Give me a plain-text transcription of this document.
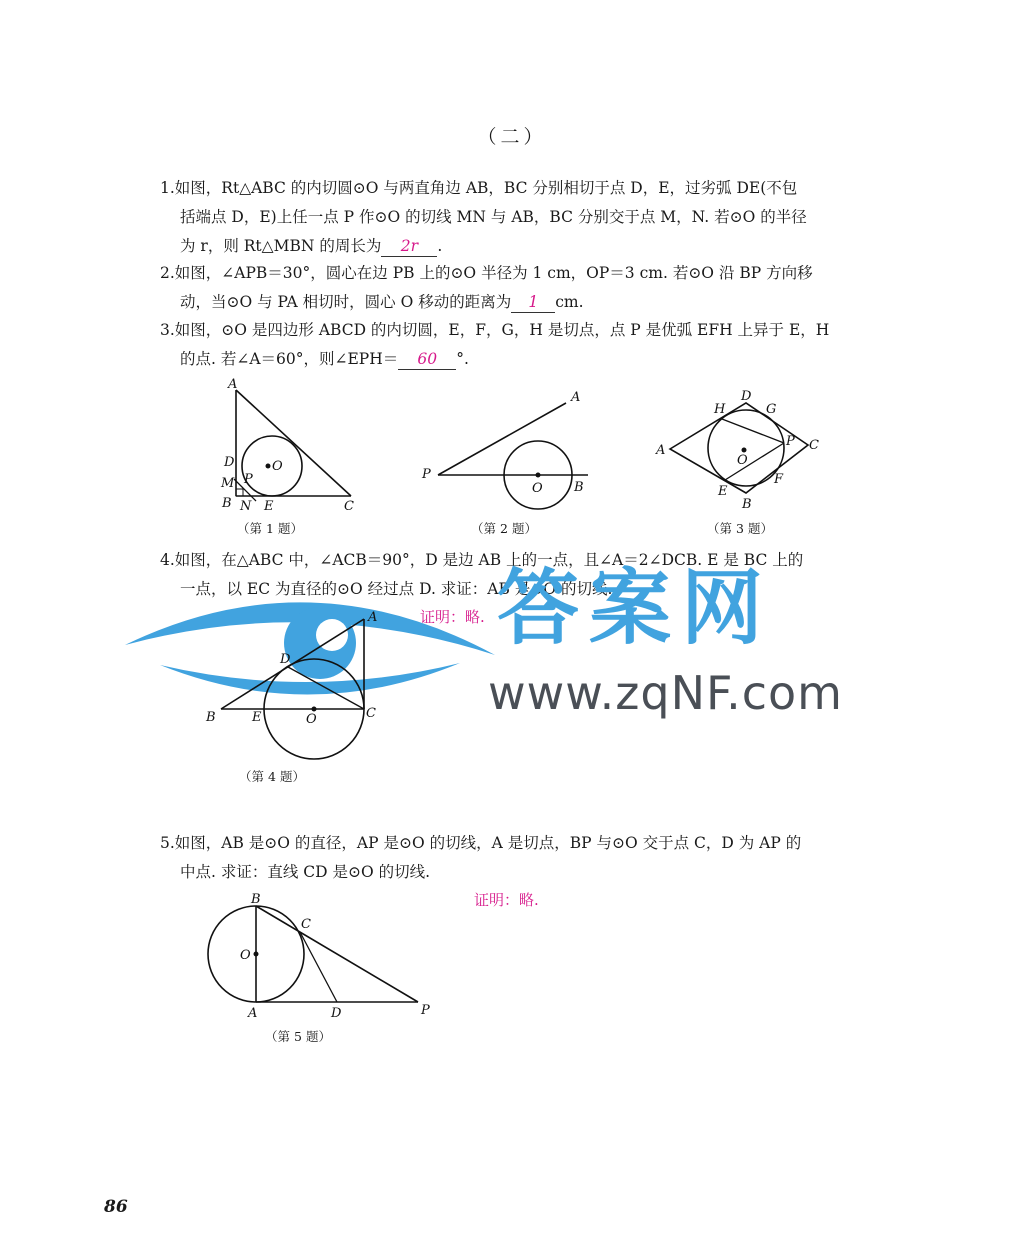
（二）
1.如图，Rt△ABC 的内切圆⊙O 与两直角边 AB，BC 分别相切于点 D，E，过劣弧 DE(不包
括端点 D，E)上任一点 P 作⊙O 的切线 MN 与 AB，BC 分别交于点 M，N. 若⊙O 的半径
为 r，则 Rt△MBN 的周长为 2r .
2.如图，∠APB＝30°，圆心在边 PB 上的⊙O 半径为 1 cm，OP＝3 cm. 若⊙O 沿 BP 方向移
动，当⊙O 与 PA 相切时，圆心 O 移动的距离为 1 cm.
3.如图，⊙O 是四边形 ABCD 的内切圆，E，F，G，H 是切点，点 P 是优弧 EFH 上异于 E，H
的点. 若∠A＝60°，则∠EPH＝ 60 °.
A
D
M P
O
B N E	C
（第 1 题）
A
P
O B
（第 2 题）
H
D
G
A
O
P C
E
F
B
（第 3 题）
4.如图，在△ABC 中，∠ACB＝90°，D 是边 AB 上的一点，且∠A＝2∠DCB. E 是 BC 上的
一点，以 EC 为直径的⊙O 经过点 D. 求证：AB 是⊙O 的切线.
证明：略. 答案网
www.zqNF.com
A
D
B	E	O	C
（第 4 题）
5.如图，AB 是⊙O 的直径，AP 是⊙O 的切线，A 是切点，BP 与⊙O 交于点 C，D 为 AP 的
中点. 求证：直线 CD 是⊙O 的切线.
证明：略.
B
C
O
A	D	P
（第 5 题）
86
